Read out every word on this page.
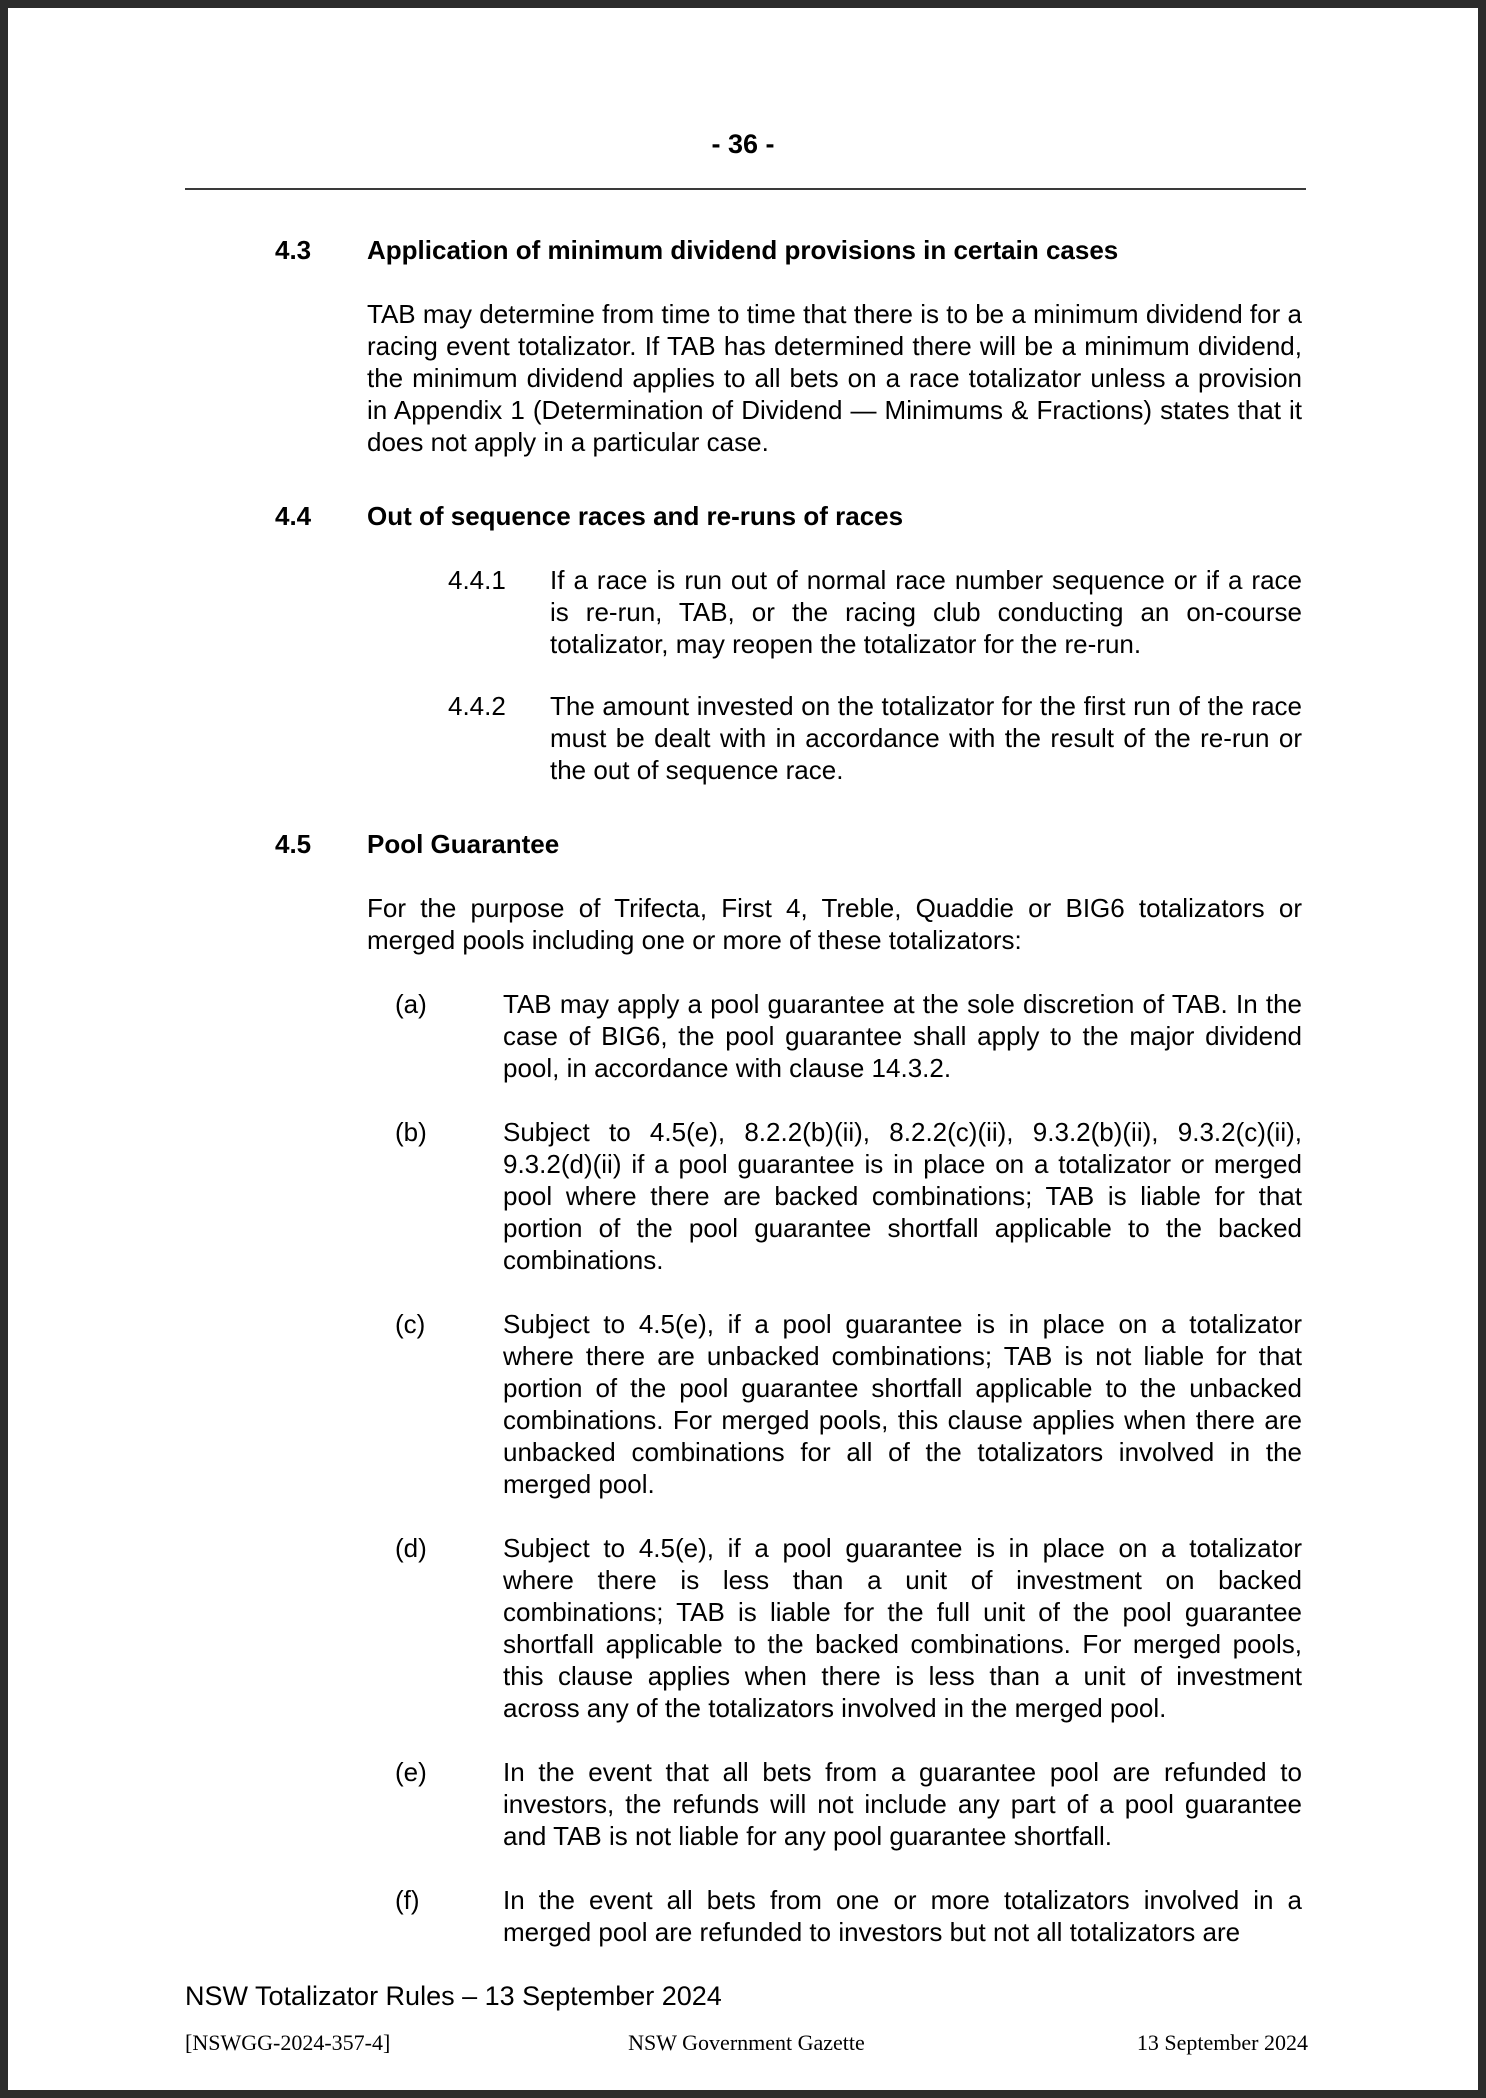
- 36 -
4.3	Application of minimum dividend provisions in certain cases

TAB may determine from time to time that there is to be a minimum dividend for a racing event totalizator. If TAB has determined there will be a minimum dividend, the minimum dividend applies to all bets on a race totalizator unless a provision in Appendix 1 (Determination of Dividend — Minimums & Fractions) states that it does not apply in a particular case.

4.4	Out of sequence races and re-runs of races
4.4.1	If a race is run out of normal race number sequence or if a race is re-run, TAB, or the racing club conducting an on-course totalizator, may reopen the totalizator for the re-run.

4.4.2	The amount invested on the totalizator for the first run of the race must be dealt with in accordance with the result of the re-run or the out of sequence race.

4.5	Pool Guarantee

For the purpose of Trifecta, First 4, Treble, Quaddie or BIG6 totalizators or merged pools including one or more of these totalizators:

(a)	TAB may apply a pool guarantee at the sole discretion of TAB. In the case of BIG6, the pool guarantee shall apply to the major dividend pool, in accordance with clause 14.3.2.

(b)	Subject to 4.5(e), 8.2.2(b)(ii), 8.2.2(c)(ii), 9.3.2(b)(ii), 9.3.2(c)(ii), 9.3.2(d)(ii) if a pool guarantee is in place on a totalizator or merged pool where there are backed combinations; TAB is liable for that portion of the pool guarantee shortfall applicable to the backed combinations.

(c)	Subject to 4.5(e), if a pool guarantee is in place on a totalizator where there are unbacked combinations; TAB is not liable for that portion of the pool guarantee shortfall applicable to the unbacked combinations. For merged pools, this clause applies when there are unbacked combinations for all of the totalizators involved in the merged pool.

(d)	Subject to 4.5(e), if a pool guarantee is in place on a totalizator where there is less than a unit of investment on backed combinations; TAB is liable for the full unit of the pool guarantee shortfall applicable to the backed combinations. For merged pools, this clause applies when there is less than a unit of investment across any of the totalizators involved in the merged pool.

(e)	In the event that all bets from a guarantee pool are refunded to investors, the refunds will not include any part of a pool guarantee and TAB is not liable for any pool guarantee shortfall.

(f)	In the event all bets from one or more totalizators involved in a merged pool are refunded to investors but not all totalizators are

NSW Totalizator Rules – 13 September 2024
[NSWGG-2024-357-4]	NSW Government Gazette	13 September 2024
